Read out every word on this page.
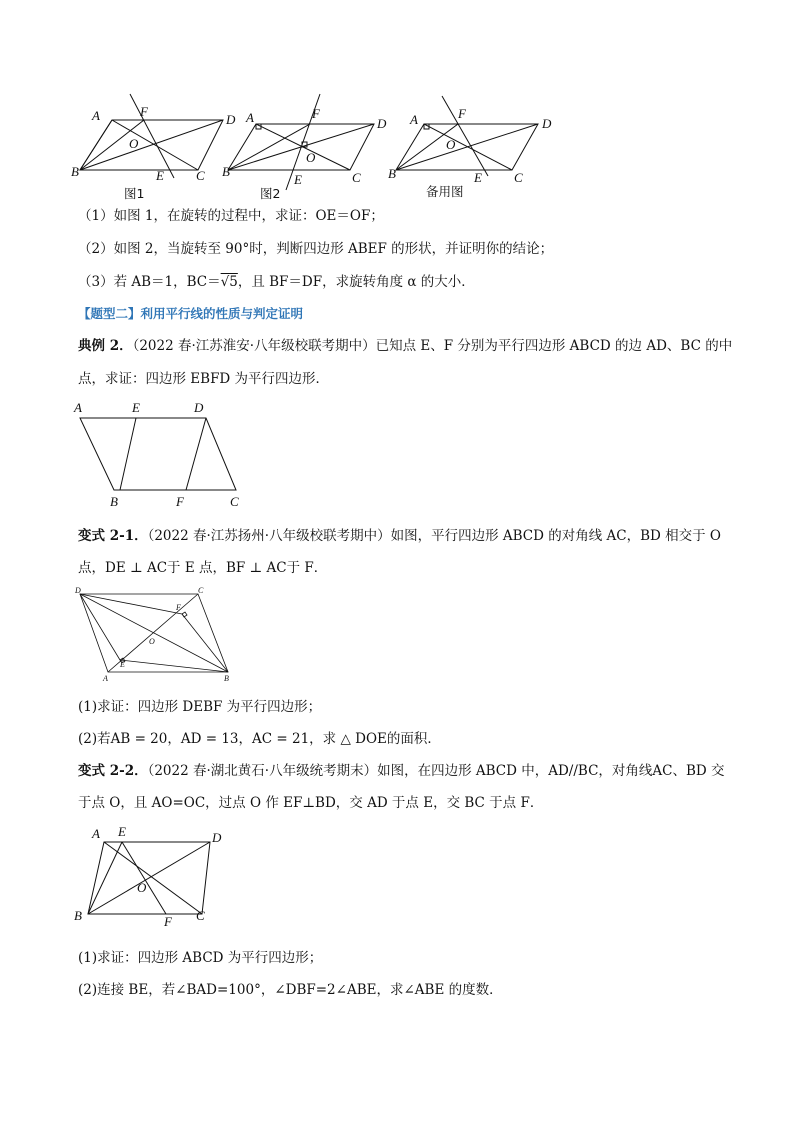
A	D
F
O
B	E C
图1
A	D
F
O
B
E	C
图2
A	D
F
O
B	E C
备用图
（1）如图 1，在旋转的过程中，求证：OE＝OF；
（2）如图 2，当旋转至 90°时，判断四边形 ABEF 的形状，并证明你的结论；
（3）若 AB＝1，BC＝√5，且 BF＝DF，求旋转角度 α 的大小．
【题型二】利用平行线的性质与判定证明
典例 2．（2022 春·江苏淮安·八年级校联考期中）已知点 E、F 分别为平行四边形 ABCD 的边 AD、BC 的中
点，求证：四边形 EBFD 为平行四边形．
A	E	D
B	F	C
变式 2-1．（2022 春·江苏扬州·八年级校联考期中）如图，平行四边形 ABCD 的对角线 AC，BD 相交于 O
点，DE ⊥ AC于 E 点，BF ⊥ AC于 F．
D	C
F
O
E
A	B
(1)求证：四边形 DEBF 为平行四边形；
(2)若AB = 20，AD = 13，AC = 21，求 △ DOE的面积．
变式 2-2．（2022 春·湖北黄石·八年级统考期末）如图，在四边形 ABCD 中，AD//BC，对角线AC、BD 交
于点 O，且 AO=OC，过点 O 作 EF⊥BD，交 AD 于点 E，交 BC 于点 F．
A E	D
O
B	F C
(1)求证：四边形 ABCD 为平行四边形；
(2)连接 BE，若∠BAD=100°，∠DBF=2∠ABE，求∠ABE 的度数．
